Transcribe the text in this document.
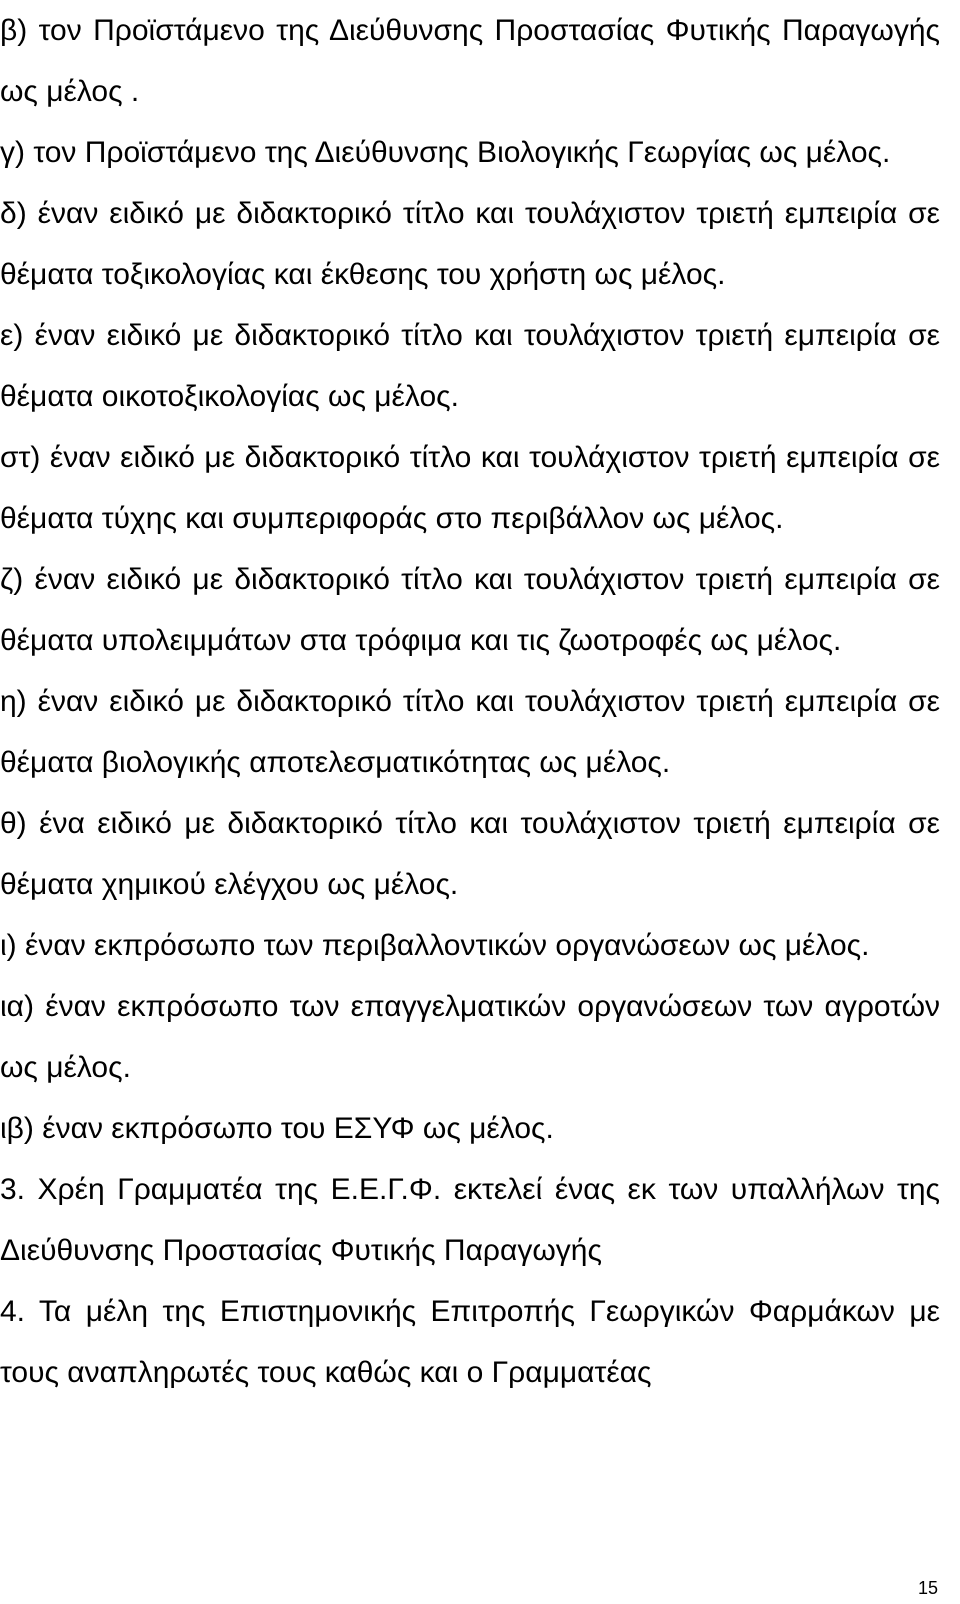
β) τον Προϊστάμενο της Διεύθυνσης Προστασίας Φυτικής Παραγωγής ως μέλος .

γ) τον Προϊστάμενο της Διεύθυνσης Βιολογικής Γεωργίας ως μέλος.

δ) έναν ειδικό με διδακτορικό τίτλο και τουλάχιστον τριετή εμπειρία σε θέματα τοξικολογίας και έκθεσης του χρήστη ως μέλος.

ε) έναν ειδικό με διδακτορικό τίτλο και τουλάχιστον τριετή εμπειρία σε θέματα οικοτοξικολογίας ως μέλος.

στ) έναν ειδικό με διδακτορικό τίτλο και τουλάχιστον τριετή εμπειρία σε θέματα τύχης και συμπεριφοράς στο περιβάλλον ως μέλος.

ζ) έναν ειδικό με διδακτορικό τίτλο και τουλάχιστον τριετή εμπειρία σε θέματα υπολειμμάτων στα τρόφιμα και τις ζωοτροφές ως μέλος.

η) έναν ειδικό με διδακτορικό τίτλο και τουλάχιστον τριετή εμπειρία σε θέματα βιολογικής αποτελεσματικότητας ως μέλος.

θ) ένα ειδικό με διδακτορικό τίτλο και τουλάχιστον τριετή εμπειρία σε θέματα χημικού ελέγχου ως μέλος.

ι) έναν εκπρόσωπο των περιβαλλοντικών οργανώσεων ως μέλος.

ια) έναν εκπρόσωπο των επαγγελματικών οργανώσεων των αγροτών ως μέλος.

ιβ) έναν εκπρόσωπο του ΕΣΥΦ ως μέλος.

3. Χρέη Γραμματέα της Ε.Ε.Γ.Φ. εκτελεί ένας εκ των υπαλλήλων της Διεύθυνσης Προστασίας Φυτικής Παραγωγής

4. Τα μέλη της Επιστημονικής Επιτροπής Γεωργικών Φαρμάκων με τους αναπληρωτές τους καθώς και ο Γραμματέας

15
